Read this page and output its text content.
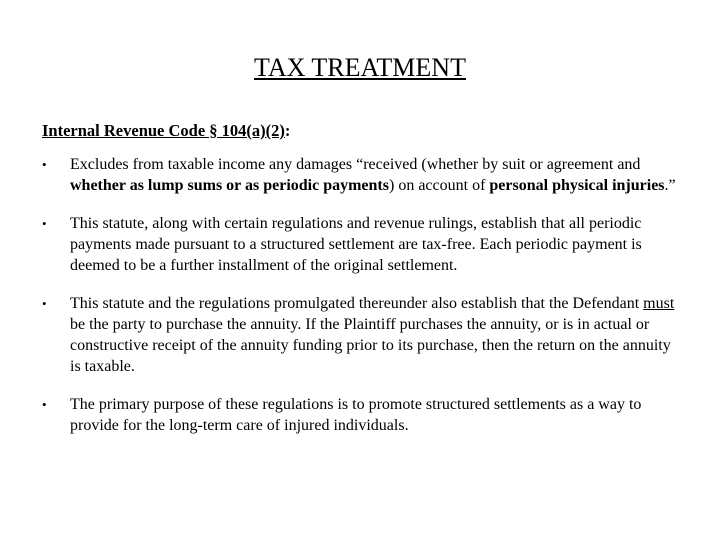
TAX TREATMENT
Internal Revenue Code § 104(a)(2):
•	Excludes from taxable income any damages “received (whether by suit or agreement and whether as lump sums or as periodic payments) on account of personal physical injuries.”
•	This statute, along with certain regulations and revenue rulings, establish that all periodic payments made pursuant to a structured settlement are tax-free. Each periodic payment is deemed to be a further installment of the original settlement.
•	This statute and the regulations promulgated thereunder also establish that the Defendant must be the party to purchase the annuity. If the Plaintiff purchases the annuity, or is in actual or constructive receipt of the annuity funding prior to its purchase, then the return on the annuity is taxable.
•	The primary purpose of these regulations is to promote structured settlements as a way to provide for the long-term care of injured individuals.
